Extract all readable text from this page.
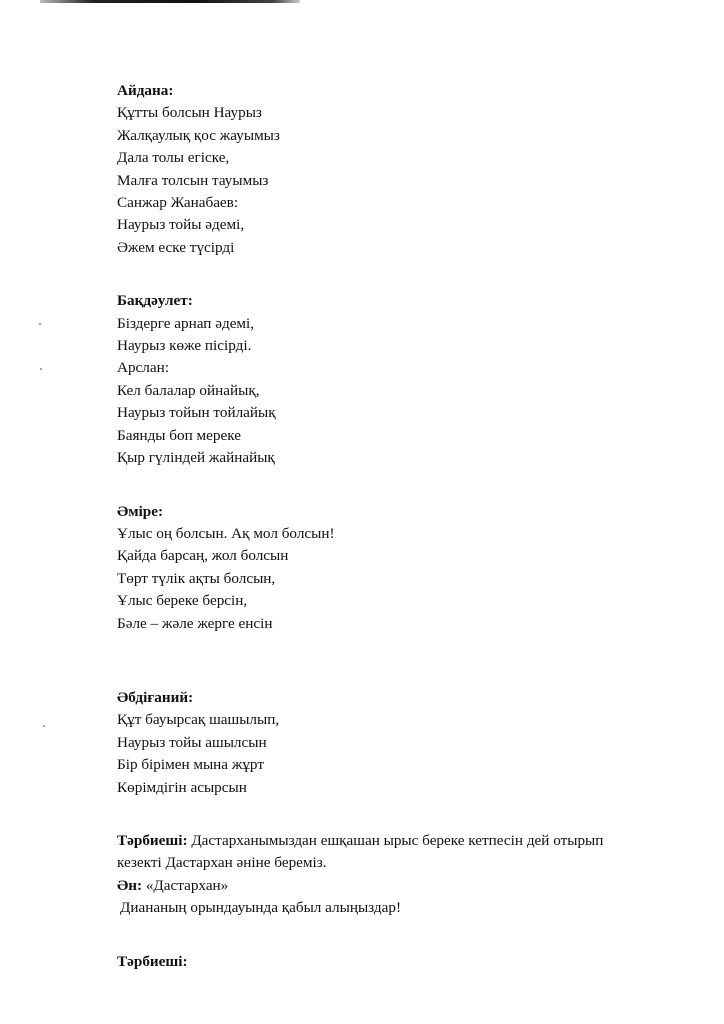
Айдана:
Құтты болсын Наурыз
Жалқаулық қос жауымыз
Дала толы егіске,
Малға толсын тауымыз
Санжар Жанабаев:
Наурыз тойы әдемі,
Әжем еске түсірді
Бақдәулет:
Біздерге арнап әдемі,
Наурыз көже пісірді.
Арслан:
Кел балалар ойнайық,
Наурыз тойын тойлайық
Баянды боп мереке
Қыр гүліндей жайнайық
Әміре:
Ұлыс оң болсын. Ақ мол болсын!
Қайда барсаң, жол болсын
Төрт түлік ақты болсын,
Ұлыс береке берсін,
Бәле – жәле жерге енсін
Әбдіғаний:
Құт бауырсақ шашылып,
Наурыз тойы ашылсын
Бір бірімен мына жұрт
Көрімдігін асырсын
Тәрбиеші: Дастарханымыздан ешқашан ырыс береке кетпесін дей отырып
кезекті Дастархан әніне береміз.
Ән: «Дастархан»
Диананың орындауында қабыл алыңыздар!
Тәрбиеші:
